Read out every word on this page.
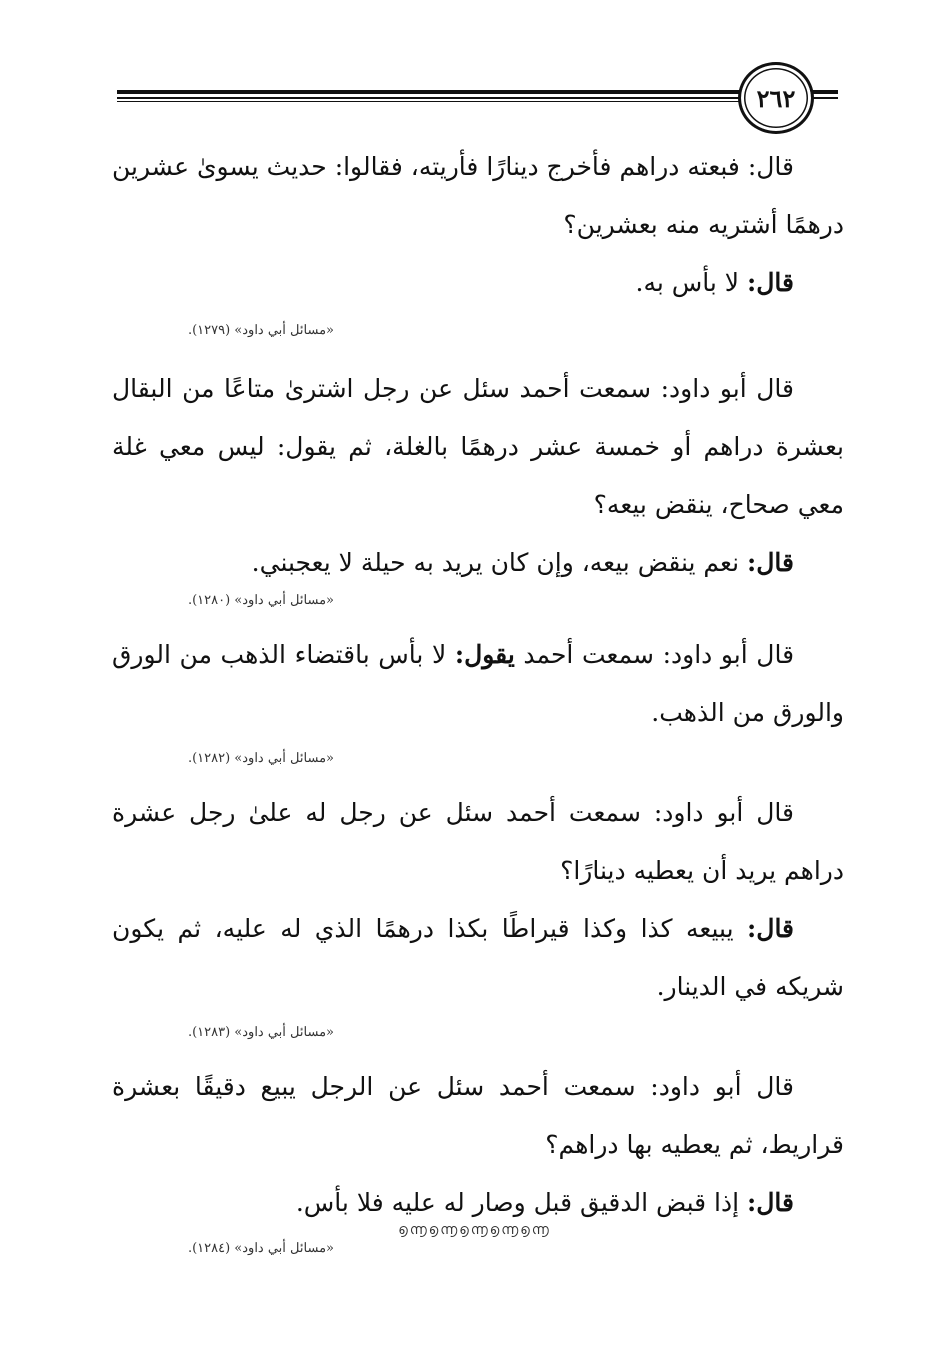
٢٦٢

قال: فبعته دراهم فأخرج دينارًا فأريته، فقالوا: حديث يسوىٰ عشرين درهمًا أشتريه منه بعشرين؟

قال: لا بأس به.

«مسائل أبي داود» (١٢٧٩).

قال أبو داود: سمعت أحمد سئل عن رجل اشترىٰ متاعًا من البقال بعشرة دراهم أو خمسة عشر درهمًا بالغلة، ثم يقول: ليس معي غلة معي صحاح، ينقض بيعه؟

قال: نعم ينقض بيعه، وإن كان يريد به حيلة لا يعجبني.

«مسائل أبي داود» (١٢٨٠).

قال أبو داود: سمعت أحمد يقول: لا بأس باقتضاء الذهب من الورق والورق من الذهب.

«مسائل أبي داود» (١٢٨٢).

قال أبو داود: سمعت أحمد سئل عن رجل له علىٰ رجل عشرة دراهم يريد أن يعطيه دينارًا؟

قال: يبيعه كذا وكذا قيراطًا بكذا درهمًا الذي له عليه، ثم يكون شريكه في الدينار.

«مسائل أبي داود» (١٢٨٣).

قال أبو داود: سمعت أحمد سئل عن الرجل يبيع دقيقًا بعشرة قراريط، ثم يعطيه بها دراهم؟

قال: إذا قبض الدقيق قبل وصار له عليه فلا بأس.

«مسائل أبي داود» (١٢٨٤).
൭൬൭൬൭൬൭൬൭൬
